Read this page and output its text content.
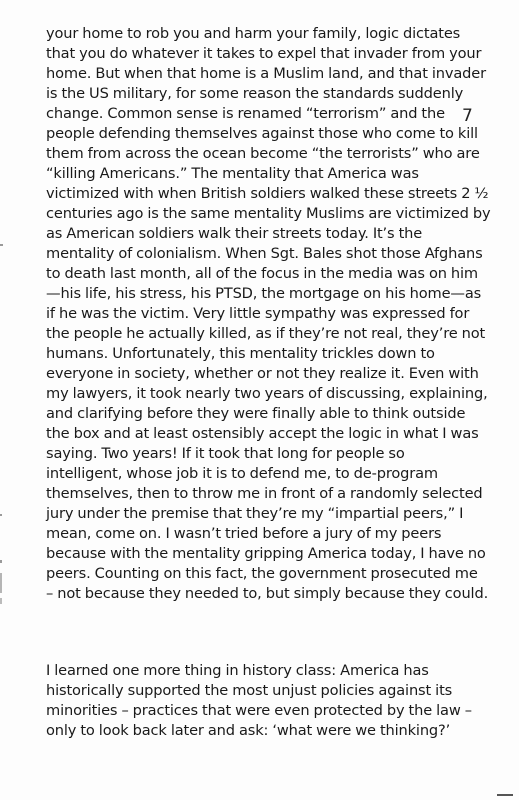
7

your home to rob you and harm your family, logic dictates
that you do whatever it takes to expel that invader from your
home. But when that home is a Muslim land, and that invader
is the US military, for some reason the standards suddenly
change. Common sense is renamed “terrorism” and the
people defending themselves against those who come to kill
them from across the ocean become “the terrorists” who are
“killing Americans.” The mentality that America was
victimized with when British soldiers walked these streets 2 ½
centuries ago is the same mentality Muslims are victimized by
as American soldiers walk their streets today. It’s the
mentality of colonialism. When Sgt. Bales shot those Afghans
to death last month, all of the focus in the media was on him
—his life, his stress, his PTSD, the mortgage on his home—as
if he was the victim. Very little sympathy was expressed for
the people he actually killed, as if they’re not real, they’re not
humans. Unfortunately, this mentality trickles down to
everyone in society, whether or not they realize it. Even with
my lawyers, it took nearly two years of discussing, explaining,
and clarifying before they were finally able to think outside
the box and at least ostensibly accept the logic in what I was
saying. Two years! If it took that long for people so
intelligent, whose job it is to defend me, to de-program
themselves, then to throw me in front of a randomly selected
jury under the premise that they’re my “impartial peers,” I
mean, come on. I wasn’t tried before a jury of my peers
because with the mentality gripping America today, I have no
peers. Counting on this fact, the government prosecuted me
– not because they needed to, but simply because they could.

I learned one more thing in history class: America has
historically supported the most unjust policies against its
minorities – practices that were even protected by the law –
only to look back later and ask: ‘what were we thinking?’
